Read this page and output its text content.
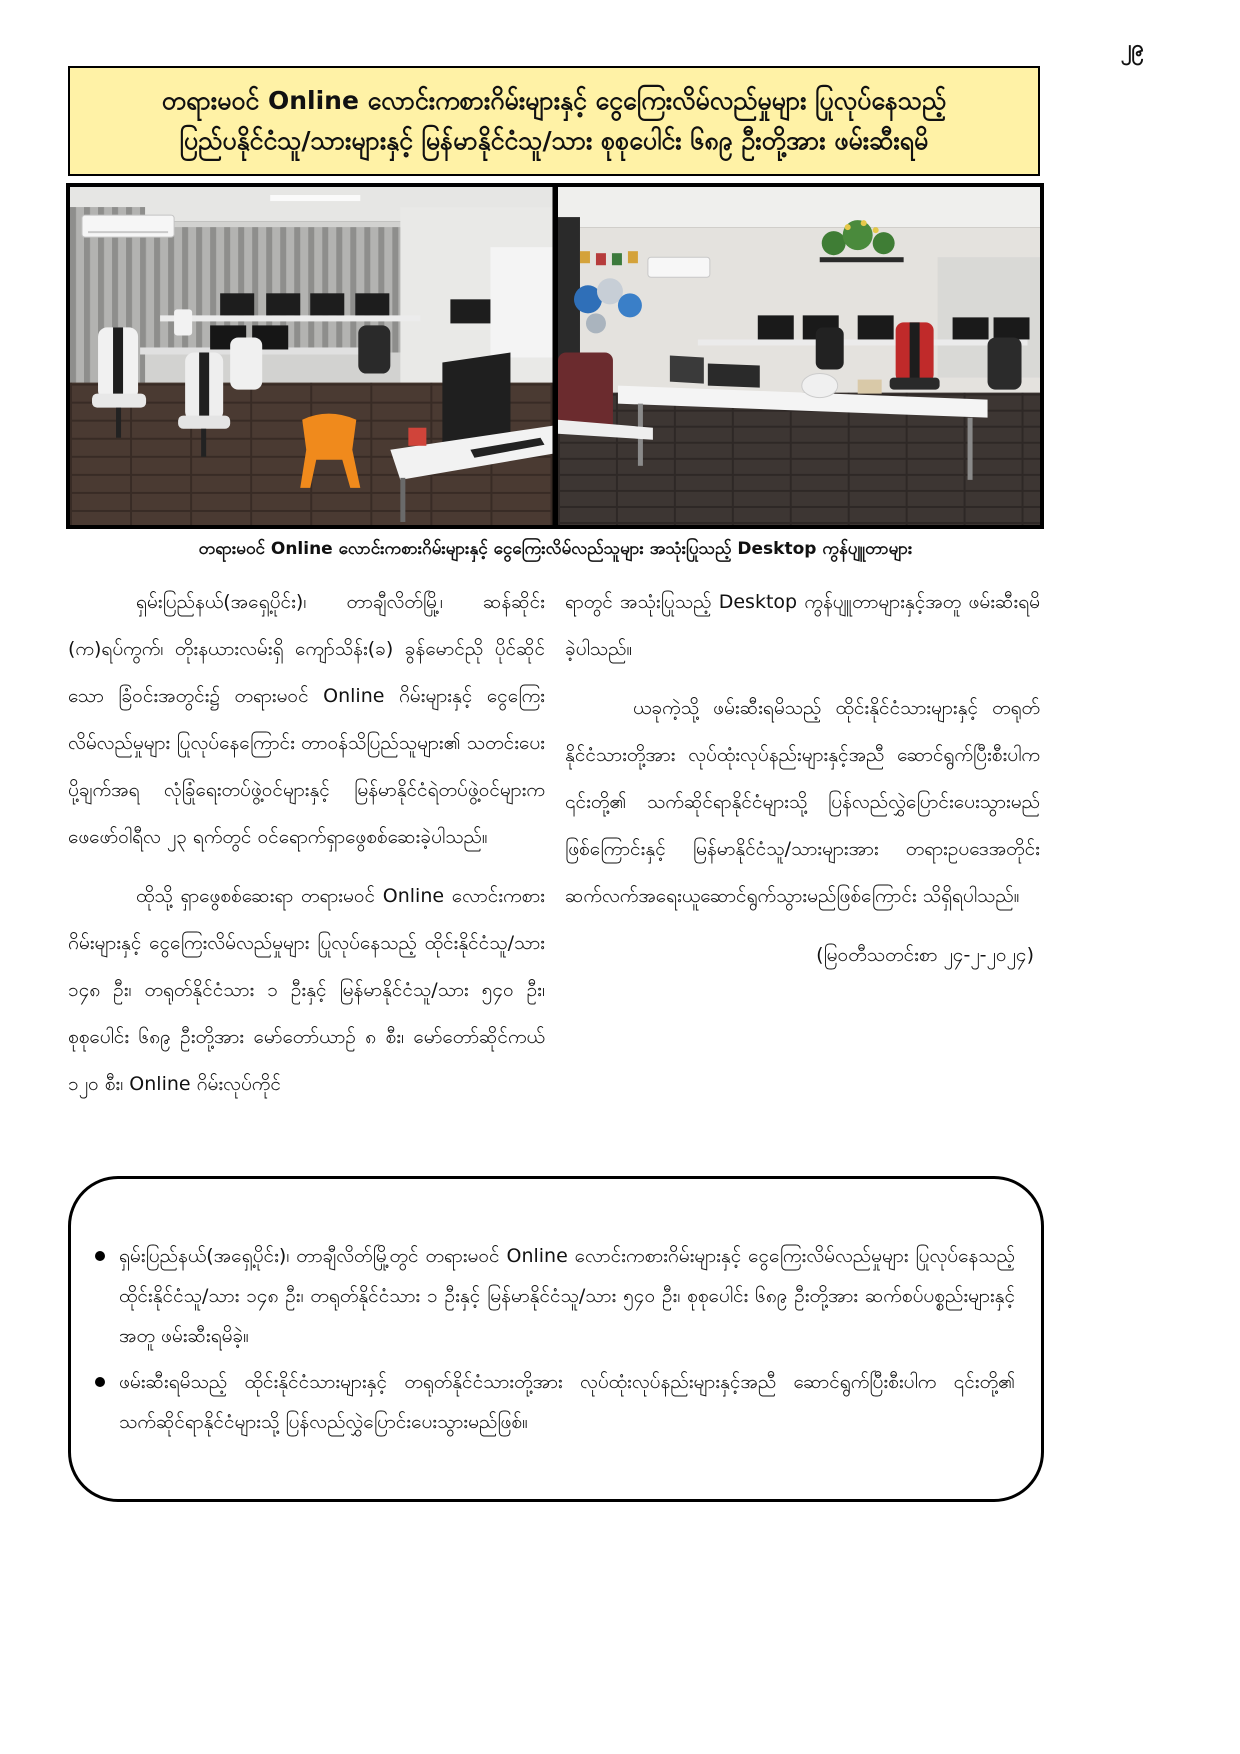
၂၉
တရားမဝင် Online လောင်းကစားဂိမ်းများနှင့် ငွေကြေးလိမ်လည်မှုများ ပြုလုပ်နေသည့်
ပြည်ပနိုင်ငံသူ/သားများနှင့် မြန်မာနိုင်ငံသူ/သား စုစုပေါင်း ၆၈၉ ဦးတို့အား ဖမ်းဆီးရမိ
တရားမဝင် Online လောင်းကစားဂိမ်းများနှင့် ငွေကြေးလိမ်လည်သူများ အသုံးပြုသည့် Desktop ကွန်ပျူတာများ

ရှမ်းပြည်နယ်(အရှေ့ပိုင်း)၊ တာချီလိတ်မြို့၊ ဆန်ဆိုင်း (က)ရပ်ကွက်၊ တိုးနယားလမ်းရှိ ကျော်သိန်း(ခ) ခွန်မောင်ညို ပိုင်ဆိုင်သော ခြံဝင်းအတွင်း၌ တရားမဝင် Online ဂိမ်းများနှင့် ငွေကြေးလိမ်လည်မှုများ ပြုလုပ်နေကြောင်း တာဝန်သိပြည်သူများ၏ သတင်းပေးပို့ချက်အရ လုံခြုံရေးတပ်ဖွဲ့ဝင်များနှင့် မြန်မာနိုင်ငံရဲတပ်ဖွဲ့ဝင်များက ဖေဖော်ဝါရီလ ၂၃ ရက်တွင် ဝင်ရောက်ရှာဖွေစစ်ဆေးခဲ့ပါသည်။

ထိုသို့ ရှာဖွေစစ်ဆေးရာ တရားမဝင် Online လောင်းကစားဂိမ်းများနှင့် ငွေကြေးလိမ်လည်မှုများ ပြုလုပ်နေသည့် ထိုင်းနိုင်ငံသူ/သား ၁၄၈ ဦး၊ တရုတ်နိုင်ငံသား ၁ ဦးနှင့် မြန်မာနိုင်ငံသူ/သား ၅၄၀ ဦး၊ စုစုပေါင်း ၆၈၉ ဦးတို့အား မော်တော်ယာဉ် ၈ စီး၊ မော်တော်ဆိုင်ကယ် ၁၂၀ စီး၊ Online ဂိမ်းလုပ်ကိုင်

ရာတွင် အသုံးပြုသည့် Desktop ကွန်ပျူတာများနှင့်အတူ ဖမ်းဆီးရမိခဲ့ပါသည်။

ယခုကဲ့သို့ ဖမ်းဆီးရမိသည့် ထိုင်းနိုင်ငံသားများနှင့် တရုတ်နိုင်ငံသားတို့အား လုပ်ထုံးလုပ်နည်းများနှင့်အညီ ဆောင်ရွက်ပြီးစီးပါက ၎င်းတို့၏ သက်ဆိုင်ရာနိုင်ငံများသို့ ပြန်လည်လွှဲပြောင်းပေးသွားမည်ဖြစ်ကြောင်းနှင့် မြန်မာနိုင်ငံသူ/သားများအား တရားဥပဒေအတိုင်း ဆက်လက်အရေးယူဆောင်ရွက်သွားမည်ဖြစ်ကြောင်း သိရှိရပါသည်။

(မြဝတီသတင်းစာ ၂၄-၂-၂၀၂၄)

ရှမ်းပြည်နယ်(အရှေ့ပိုင်း)၊ တာချီလိတ်မြို့တွင် တရားမဝင် Online လောင်းကစားဂိမ်းများနှင့် ငွေကြေးလိမ်လည်မှုများ ပြုလုပ်နေသည့် ထိုင်းနိုင်ငံသူ/သား ၁၄၈ ဦး၊ တရုတ်နိုင်ငံသား ၁ ဦးနှင့် မြန်မာနိုင်ငံသူ/သား ၅၄၀ ဦး၊ စုစုပေါင်း ၆၈၉ ဦးတို့အား ဆက်စပ်ပစ္စည်းများနှင့်အတူ ဖမ်းဆီးရမိခဲ့။
ဖမ်းဆီးရမိသည့် ထိုင်းနိုင်ငံသားများနှင့် တရုတ်နိုင်ငံသားတို့အား လုပ်ထုံးလုပ်နည်းများနှင့်အညီ ဆောင်ရွက်ပြီးစီးပါက ၎င်းတို့၏ သက်ဆိုင်ရာနိုင်ငံများသို့ ပြန်လည်လွှဲပြောင်းပေးသွားမည်ဖြစ်။
